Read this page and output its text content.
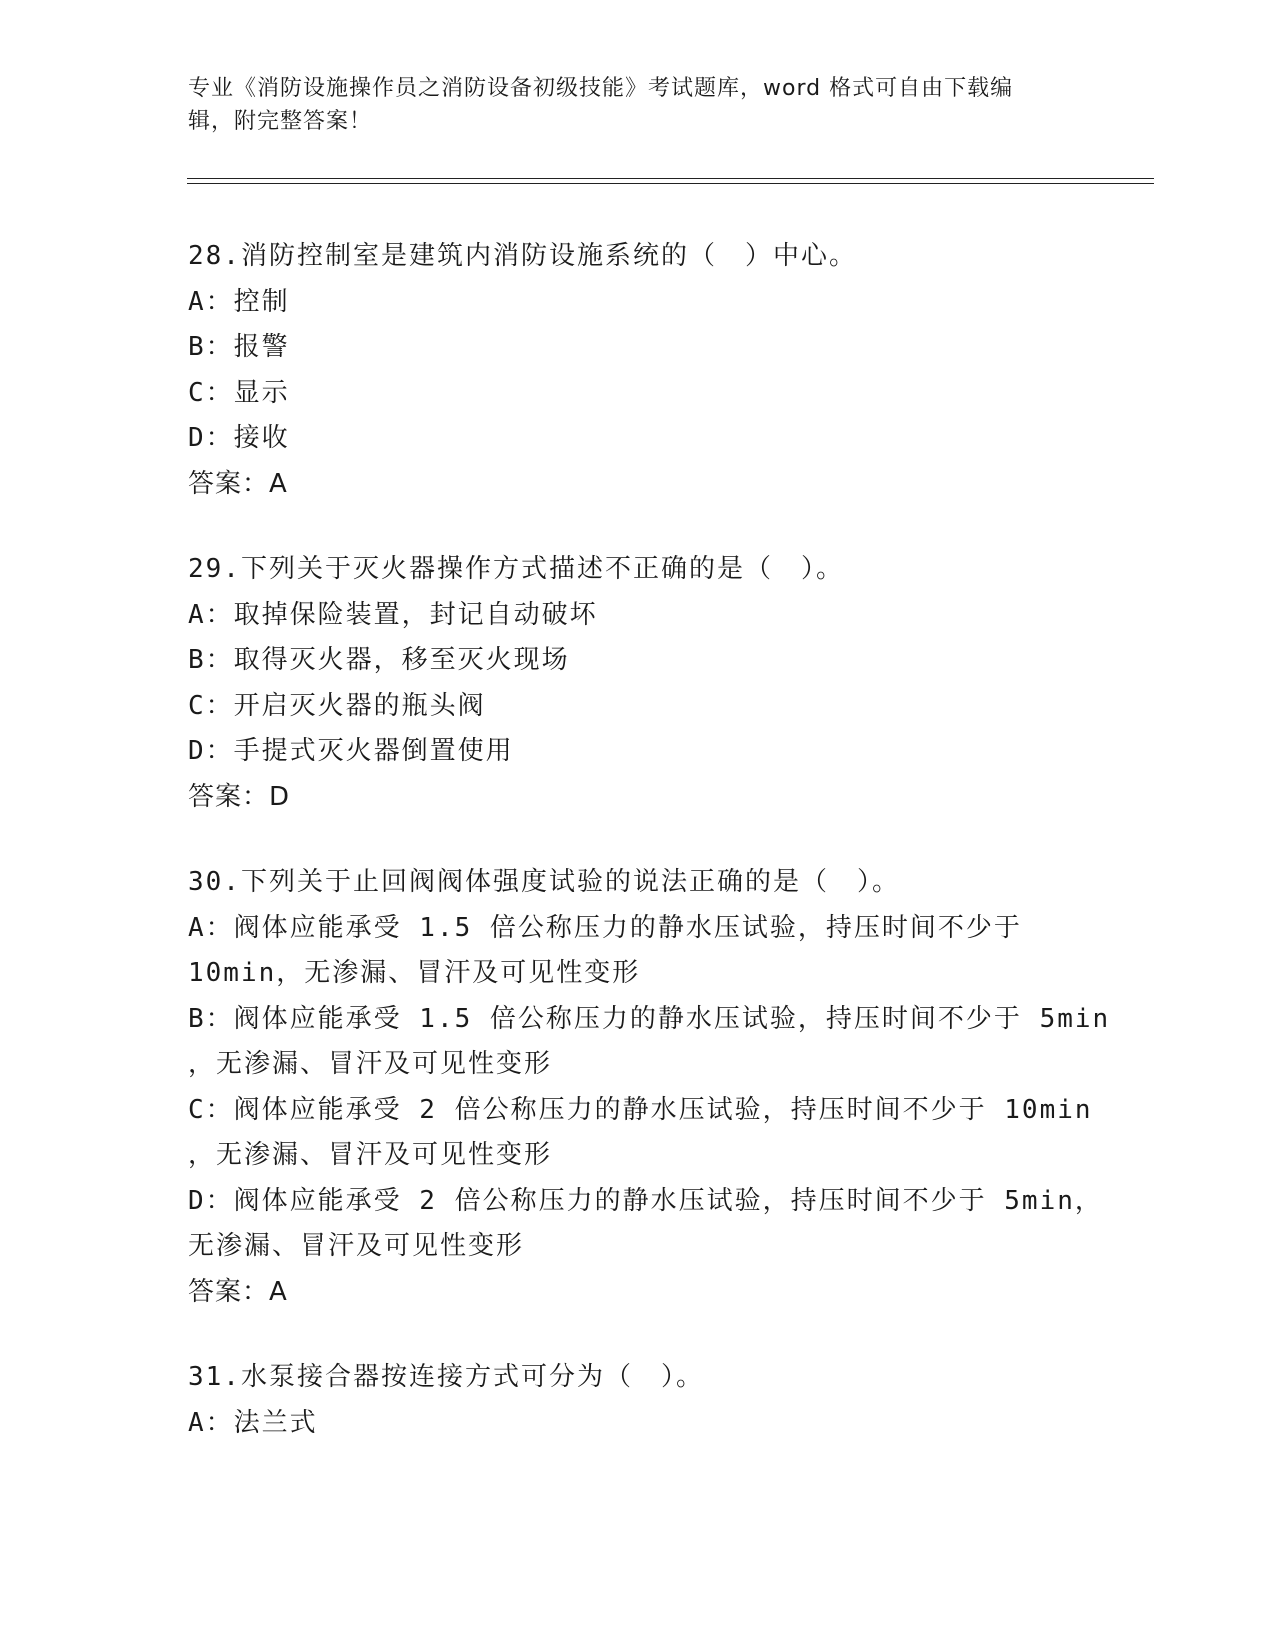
专业《消防设施操作员之消防设备初级技能》考试题库，word 格式可自由下载编
辑，附完整答案！
28.消防控制室是建筑内消防设施系统的（　）中心。
A：控制
B：报警
C：显示
D：接收
答案：A
29.下列关于灭火器操作方式描述不正确的是（　）。
A：取掉保险装置，封记自动破坏
B：取得灭火器，移至灭火现场
C：开启灭火器的瓶头阀
D：手提式灭火器倒置使用
答案：D
30.下列关于止回阀阀体强度试验的说法正确的是（　）。
A：阀体应能承受 1.5 倍公称压力的静水压试验，持压时间不少于
10min，无渗漏、冒汗及可见性变形
B：阀体应能承受 1.5 倍公称压力的静水压试验，持压时间不少于 5min
，无渗漏、冒汗及可见性变形
C：阀体应能承受 2 倍公称压力的静水压试验，持压时间不少于 10min
，无渗漏、冒汗及可见性变形
D：阀体应能承受 2 倍公称压力的静水压试验，持压时间不少于 5min，
无渗漏、冒汗及可见性变形
答案：A
31.水泵接合器按连接方式可分为（　）。
A：法兰式
